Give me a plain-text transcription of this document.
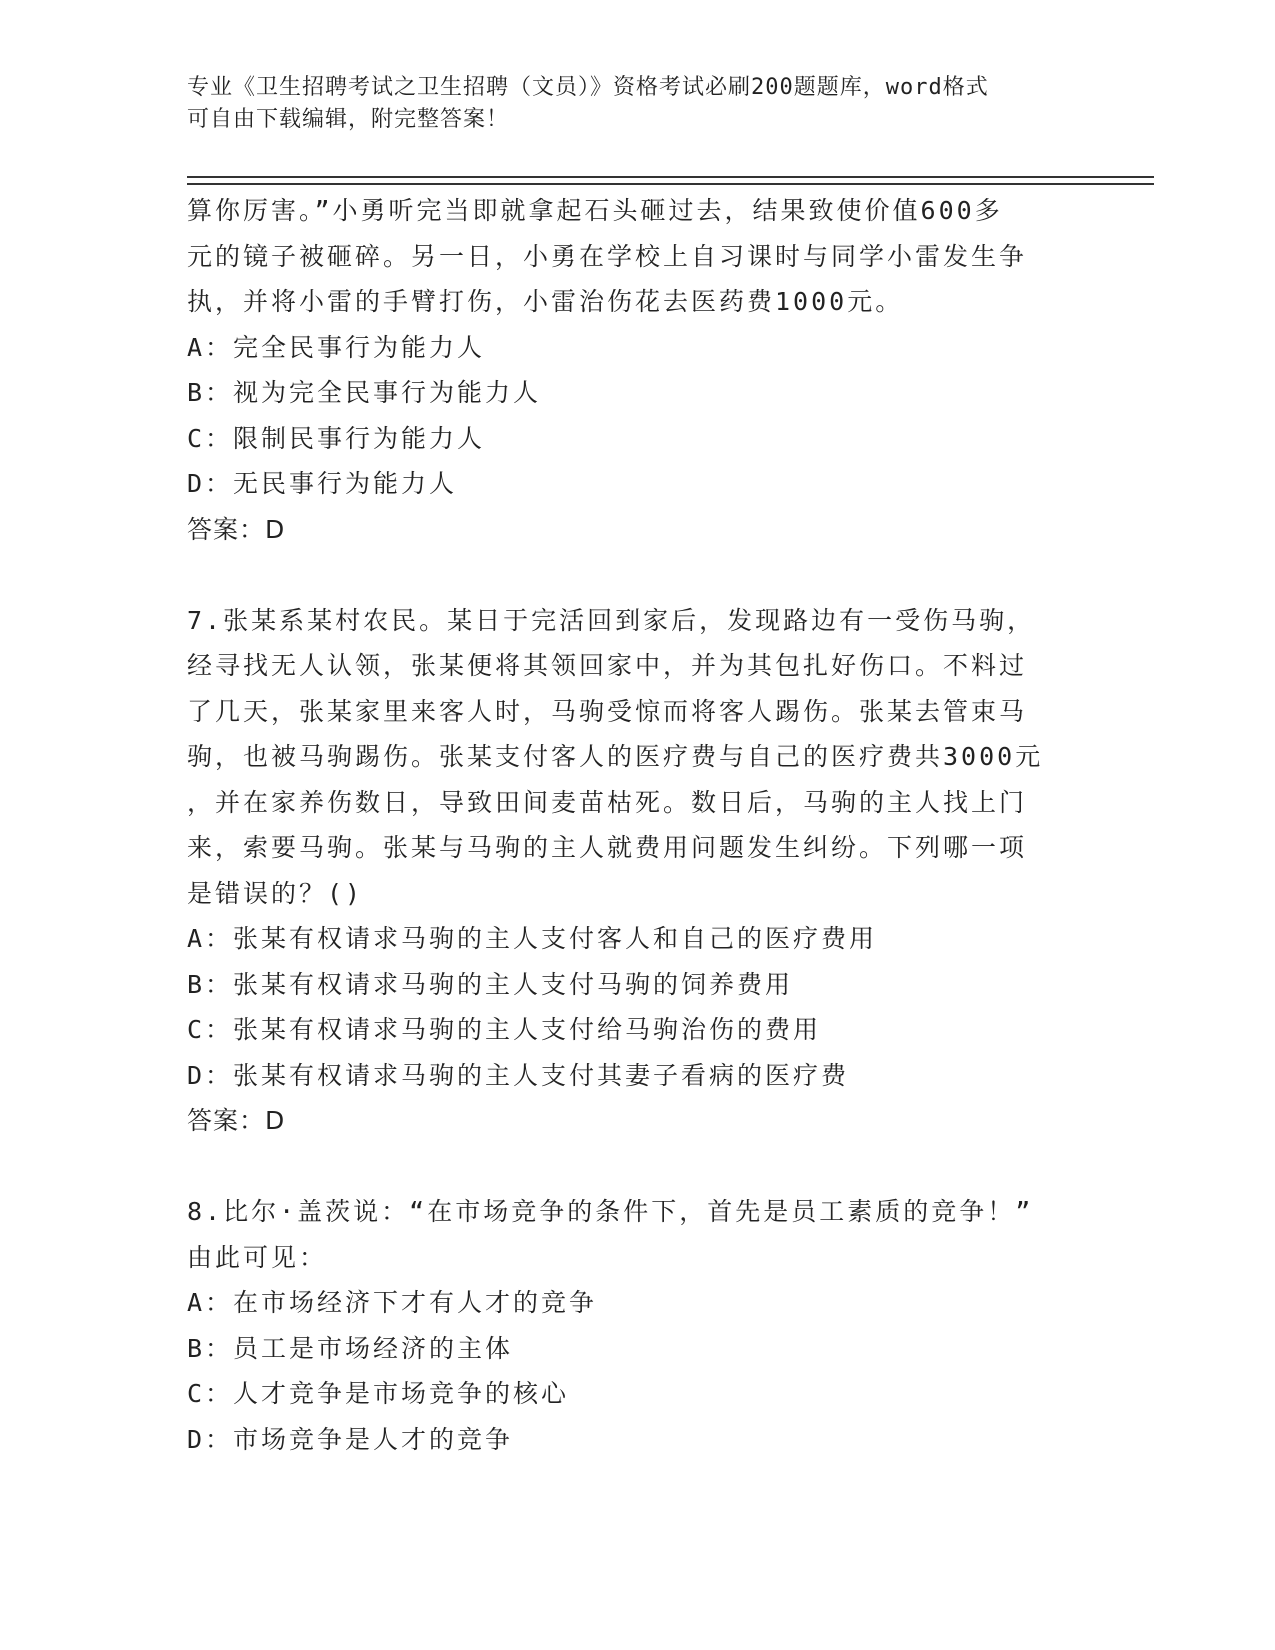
专业《卫生招聘考试之卫生招聘（文员）》资格考试必刷200题题库，word格式
可自由下载编辑，附完整答案！
算你厉害。”小勇听完当即就拿起石头砸过去，结果致使价值600多
元的镜子被砸碎。另一日，小勇在学校上自习课时与同学小雷发生争
执，并将小雷的手臂打伤，小雷治伤花去医药费1000元。
A：完全民事行为能力人
B：视为完全民事行为能力人
C：限制民事行为能力人
D：无民事行为能力人
答案：D
7.张某系某村农民。某日于完活回到家后，发现路边有一受伤马驹，
经寻找无人认领，张某便将其领回家中，并为其包扎好伤口。不料过
了几天，张某家里来客人时，马驹受惊而将客人踢伤。张某去管束马
驹，也被马驹踢伤。张某支付客人的医疗费与自己的医疗费共3000元
，并在家养伤数日，导致田间麦苗枯死。数日后，马驹的主人找上门
来，索要马驹。张某与马驹的主人就费用问题发生纠纷。下列哪一项
是错误的？()
A：张某有权请求马驹的主人支付客人和自己的医疗费用
B：张某有权请求马驹的主人支付马驹的饲养费用
C：张某有权请求马驹的主人支付给马驹治伤的费用
D：张某有权请求马驹的主人支付其妻子看病的医疗费
答案：D
8.比尔·盖茨说：“在市场竞争的条件下，首先是员工素质的竞争！”
由此可见：
A：在市场经济下才有人才的竞争
B：员工是市场经济的主体
C：人才竞争是市场竞争的核心
D：市场竞争是人才的竞争
